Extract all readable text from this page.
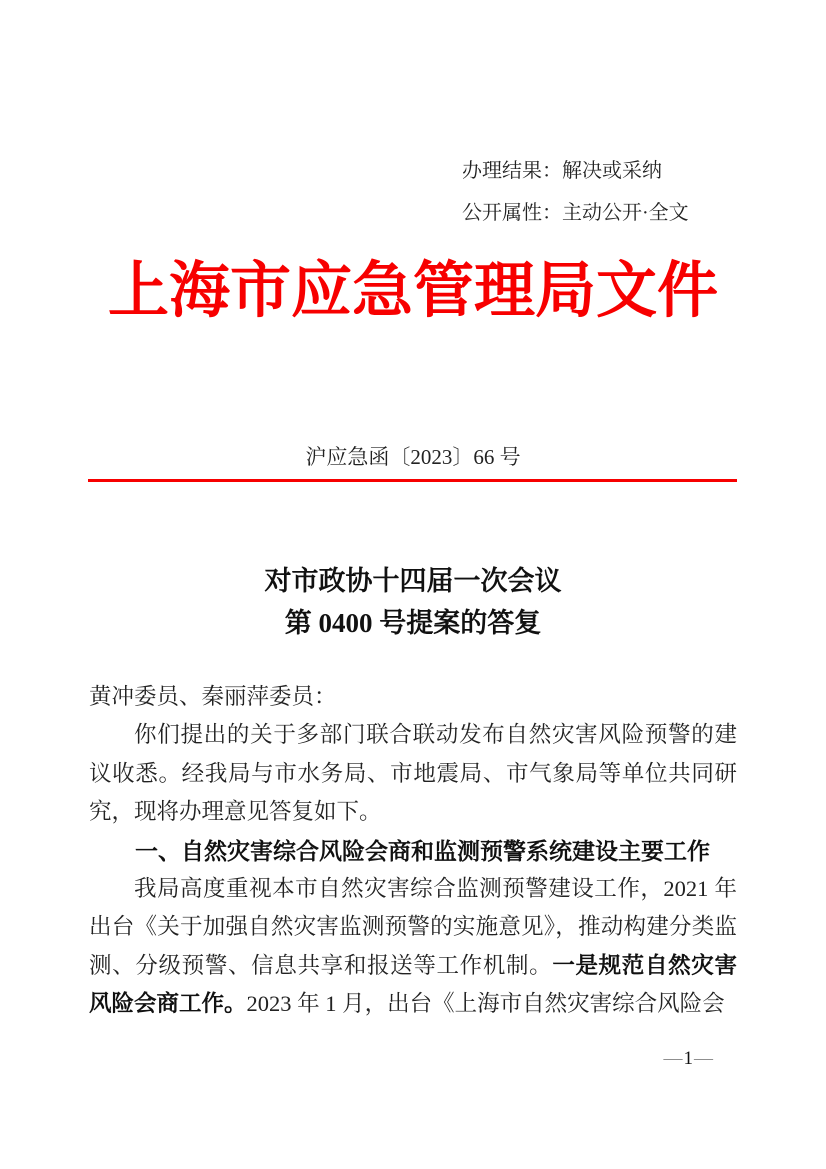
办理结果：解决或采纳
公开属性：主动公开·全文
上海市应急管理局文件
沪应急函〔2023〕66 号
对市政协十四届一次会议
第 0400 号提案的答复

黄冲委员、秦丽萍委员：

你们提出的关于多部门联合联动发布自然灾害风险预警的建议收悉。经我局与市水务局、市地震局、市气象局等单位共同研究，现将办理意见答复如下。

一、自然灾害综合风险会商和监测预警系统建设主要工作

我局高度重视本市自然灾害综合监测预警建设工作，2021 年出台《关于加强自然灾害监测预警的实施意见》，推动构建分类监测、分级预警、信息共享和报送等工作机制。一是规范自然灾害风险会商工作。2023 年 1 月，出台《上海市自然灾害综合风险会

—1—
